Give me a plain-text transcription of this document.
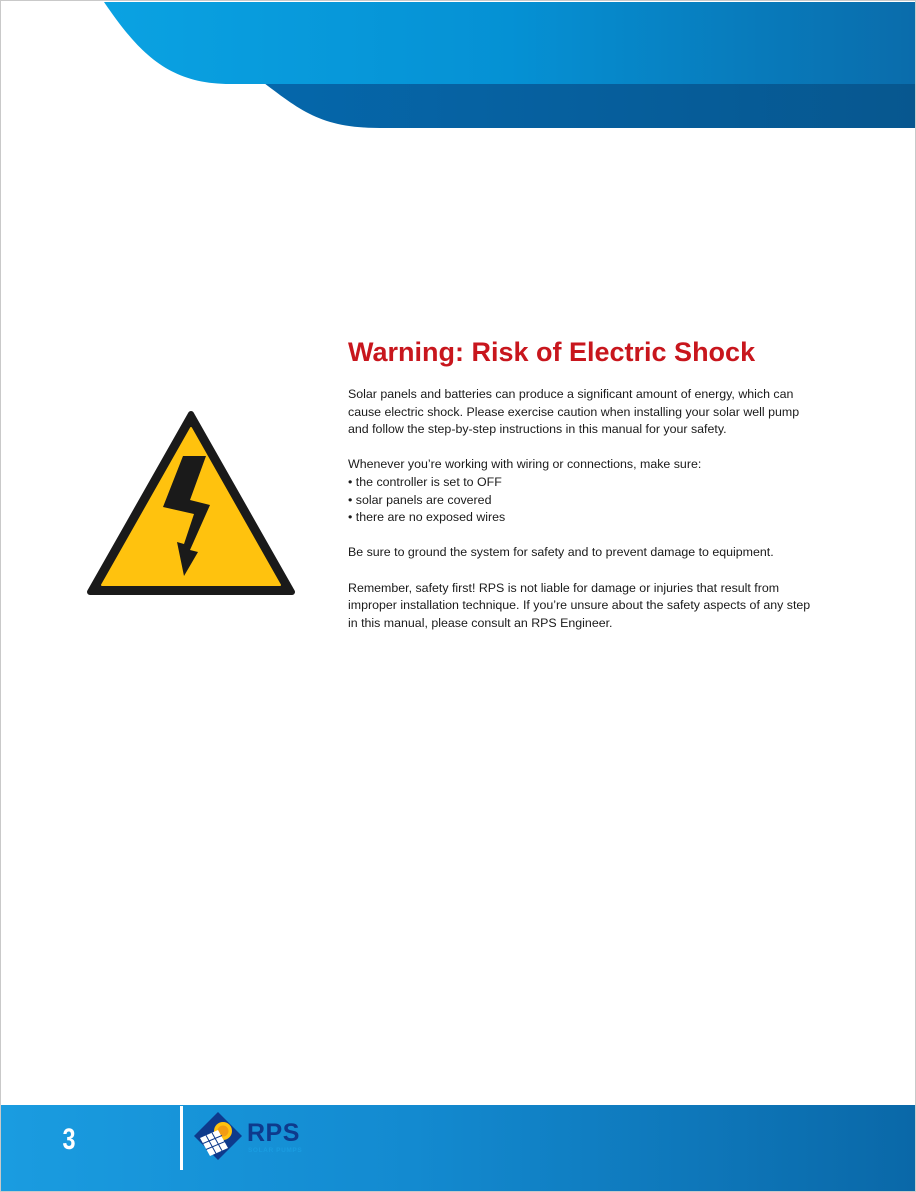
Warning: Risk of Electric Shock

Solar panels and batteries can produce a significant amount of energy, which can cause electric shock. Please exercise caution when installing your solar well pump and follow the step-by-step instructions in this manual for your safety.

Whenever you’re working with wiring or connections, make sure:

• the controller is set to OFF
• solar panels are covered
• there are no exposed wires

Be sure to ground the system for safety and to prevent damage to equipment.

Remember, safety first! RPS is not liable for damage or injuries that result from improper installation technique. If you’re unsure about the safety aspects of any step in this manual, please consult an RPS Engineer.

3	RPS
SOLAR PUMPS
